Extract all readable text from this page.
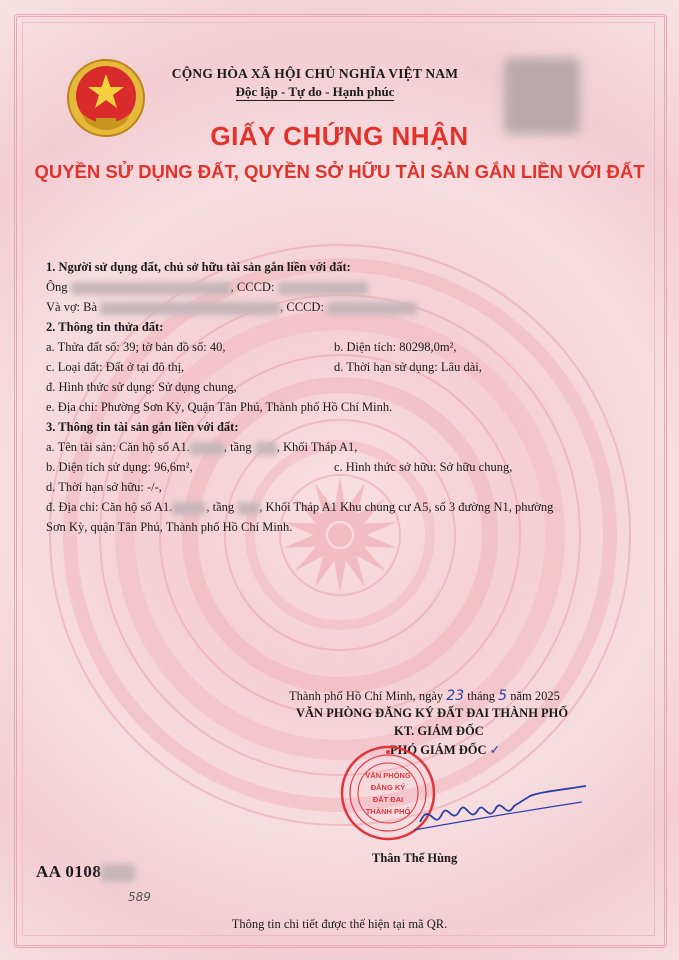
CỘNG HÒA XÃ HỘI CHỦ NGHĨA VIỆT NAM
Độc lập - Tự do - Hạnh phúc
GIẤY CHỨNG NHẬN
QUYỀN SỬ DỤNG ĐẤT, QUYỀN SỞ HỮU TÀI SẢN GẮN LIỀN VỚI ĐẤT
1. Người sử dụng đất, chủ sở hữu tài sản gắn liền với đất:
Ông	, CCCD:
Và vợ: Bà	, CCCD:
2. Thông tin thửa đất:
a. Thửa đất số: 39; tờ bản đồ số: 40,	b. Diện tích: 80298,0m²,
c. Loại đất: Đất ở tại đô thị,	d. Thời hạn sử dụng: Lâu dài,
đ. Hình thức sử dụng: Sử dụng chung,
e. Địa chỉ: Phường Sơn Kỳ, Quận Tân Phú, Thành phố Hồ Chí Minh.
3. Thông tin tài sản gắn liền với đất:
a. Tên tài sản: Căn hộ số A1.	, tầng , Khối Tháp A1,
b. Diện tích sử dụng: 96,6m²,	c. Hình thức sở hữu: Sở hữu chung,
d. Thời hạn sở hữu: -/-,
đ. Địa chỉ: Căn hộ số A1.	, tầng , Khối Tháp A1 Khu chung cư A5, số 3 đường N1, phường
Sơn Kỳ, quận Tân Phú, Thành phố Hồ Chí Minh.
Thành phố Hồ Chí Minh, ngày 23 tháng 5 năm 2025
VĂN PHÒNG ĐĂNG KÝ ĐẤT ĐAI THÀNH PHỐ
KT. GIÁM ĐỐC
PHÓ GIÁM ĐỐC ✓
VĂN PHÒNG
ĐĂNG KÝ
ĐẤT ĐAI
THÀNH PHỐ
Thân Thế Hùng
AA 0108
589
Thông tin chi tiết được thể hiện tại mã QR.
